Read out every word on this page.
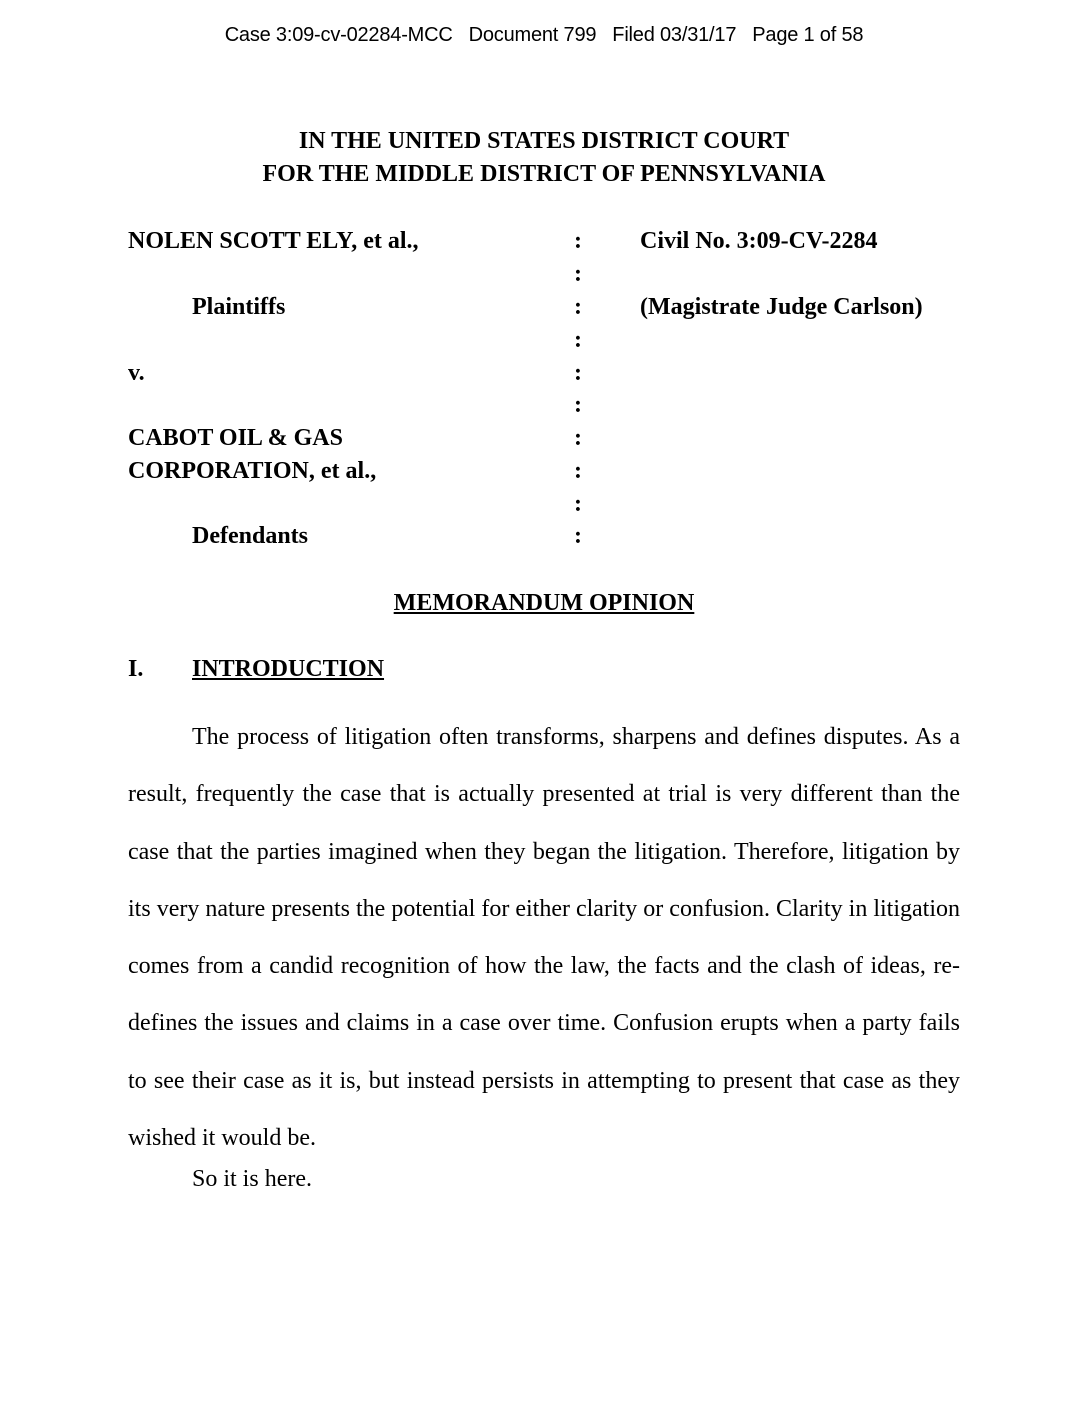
Case 3:09-cv-02284-MCC Document 799 Filed 03/31/17 Page 1 of 58
IN THE UNITED STATES DISTRICT COURT
FOR THE MIDDLE DISTRICT OF PENNSYLVANIA
NOLEN SCOTT ELY, et al.,
Plaintiffs
v.
CABOT OIL & GAS
CORPORATION, et al.,
Defendants
:
:
:
:
:
:
:
:
:
:
Civil No. 3:09-CV-2284
(Magistrate Judge Carlson)
MEMORANDUM OPINION
I. INTRODUCTION

The process of litigation often transforms, sharpens and defines disputes. As a result, frequently the case that is actually presented at trial is very different than the case that the parties imagined when they began the litigation. Therefore, litigation by its very nature presents the potential for either clarity or confusion. Clarity in litigation comes from a candid recognition of how the law, the facts and the clash of ideas, re-defines the issues and claims in a case over time. Confusion erupts when a party fails to see their case as it is, but instead persists in attempting to present that case as they wished it would be.

So it is here.
